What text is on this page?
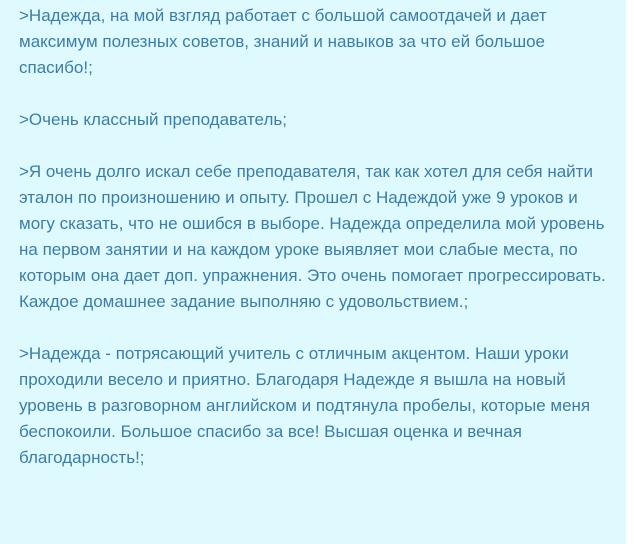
>Надежда, на мой взгляд работает с большой самоотдачей и дает максимум полезных советов, знаний и навыков за что ей большое спасибо!;

>Очень классный преподаватель;

>Я очень долго искал себе преподавателя, так как хотел для себя найти эталон по произношению и опыту. Прошел с Надеждой уже 9 уроков и могу сказать, что не ошибся в выборе. Надежда определила мой уровень на первом занятии и на каждом уроке выявляет мои слабые места, по которым она дает доп. упражнения. Это очень помогает прогрессировать. Каждое домашнее задание выполняю с удовольствием.;

>Надежда - потрясающий учитель с отличным акцентом. Наши уроки проходили весело и приятно. Благодаря Надежде я вышла на новый уровень в разговорном английском и подтянула пробелы, которые меня беспокоили. Большое спасибо за все! Высшая оценка и вечная благодарность!;
